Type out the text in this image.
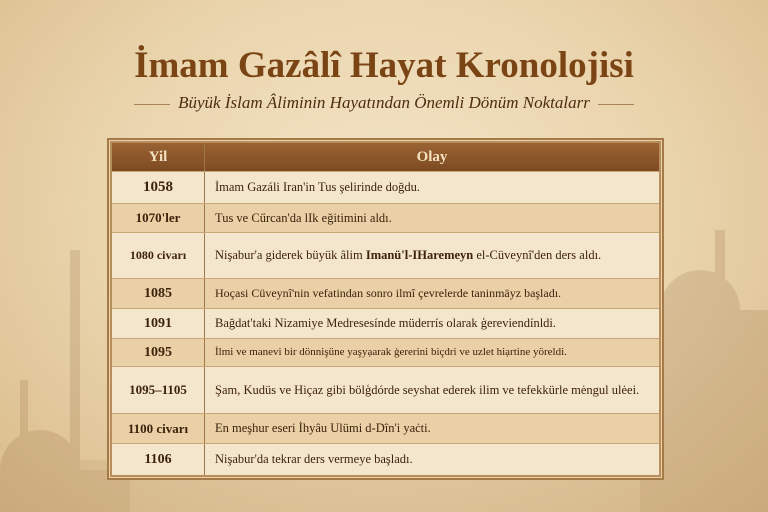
İmam Gazâlî Hayat Kronolojisi
Büyük İslam Âliminin Hayatından Önemli Dönüm Noktalarr
Yil	Olay
1058	İmam Gazáli Iran'in Tus şelirinde doğdu.
1070'ler	Tus ve Cűrcan'da lIk eğitimini aldı.
1080 civarı	Nişabur'a giderek büyük âlim Imanü'l-IHaremeyn el-Cüveynî'den ders aldı.
1085	Hoçasi Cüveynî'nin vefatindan sonro ilmî çevrelerde taninmäyz başladı.
1091	Bağdat'taki Nizamiye Medresesínde müderrís olarak ģereviendínldi.
1095	İlmi ve manevi bir dönnişüne yaşyạarak ģererini biçdri ve uzlet hiạrtine yöreldi.
1095–1105	Şam, Kudüs ve Hiçaz gibi bölģdórde seyshat ederek ilim ve tefekkürle mėngul ulėei.
1100 civarı	En meşhur eseri İhyâu Ulümi d-Dîn'i yaċti.
1106	Nişabur'da tekrar ders vermeye başladı.
